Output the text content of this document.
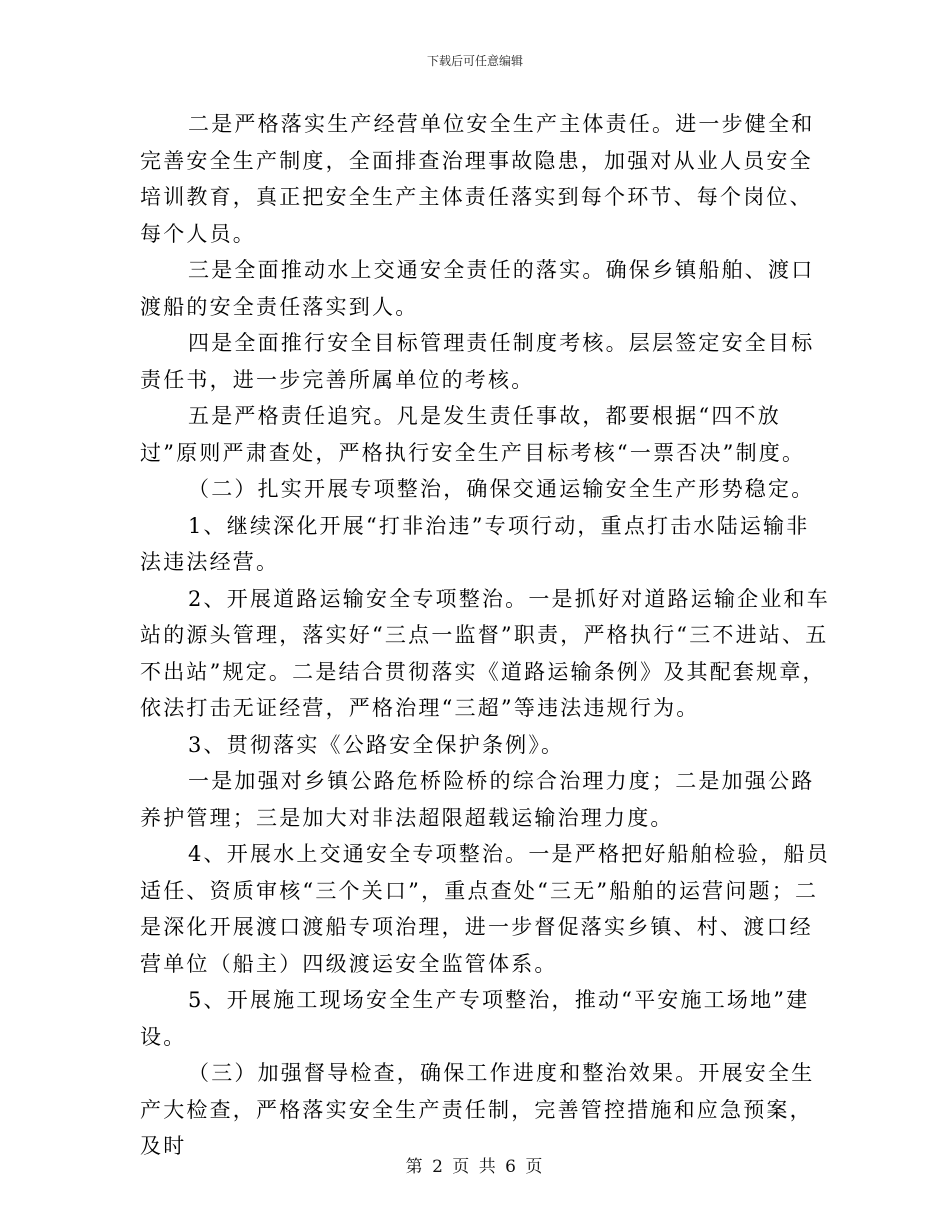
下载后可任意编辑

二是严格落实生产经营单位安全生产主体责任。进一步健全和完善安全生产制度，全面排查治理事故隐患，加强对从业人员安全培训教育，真正把安全生产主体责任落实到每个环节、每个岗位、每个人员。

三是全面推动水上交通安全责任的落实。确保乡镇船舶、渡口渡船的安全责任落实到人。

四是全面推行安全目标管理责任制度考核。层层签定安全目标责任书，进一步完善所属单位的考核。

五是严格责任追究。凡是发生责任事故，都要根据“四不放过”原则严肃查处，严格执行安全生产目标考核“一票否决”制度。

（二）扎实开展专项整治，确保交通运输安全生产形势稳定。

1、继续深化开展“打非治违”专项行动，重点打击水陆运输非法违法经营。

2、开展道路运输安全专项整治。一是抓好对道路运输企业和车站的源头管理，落实好“三点一监督”职责，严格执行“三不进站、五不出站”规定。二是结合贯彻落实《道路运输条例》及其配套规章，依法打击无证经营，严格治理“三超”等违法违规行为。

3、贯彻落实《公路安全保护条例》。

一是加强对乡镇公路危桥险桥的综合治理力度；二是加强公路养护管理；三是加大对非法超限超载运输治理力度。

4、开展水上交通安全专项整治。一是严格把好船舶检验，船员适任、资质审核“三个关口”，重点查处“三无”船舶的运营问题；二是深化开展渡口渡船专项治理，进一步督促落实乡镇、村、渡口经营单位（船主）四级渡运安全监管体系。

5、开展施工现场安全生产专项整治，推动“平安施工场地”建设。

（三）加强督导检查，确保工作进度和整治效果。开展安全生产大检查，严格落实安全生产责任制，完善管控措施和应急预案，及时

第 2 页 共 6 页
